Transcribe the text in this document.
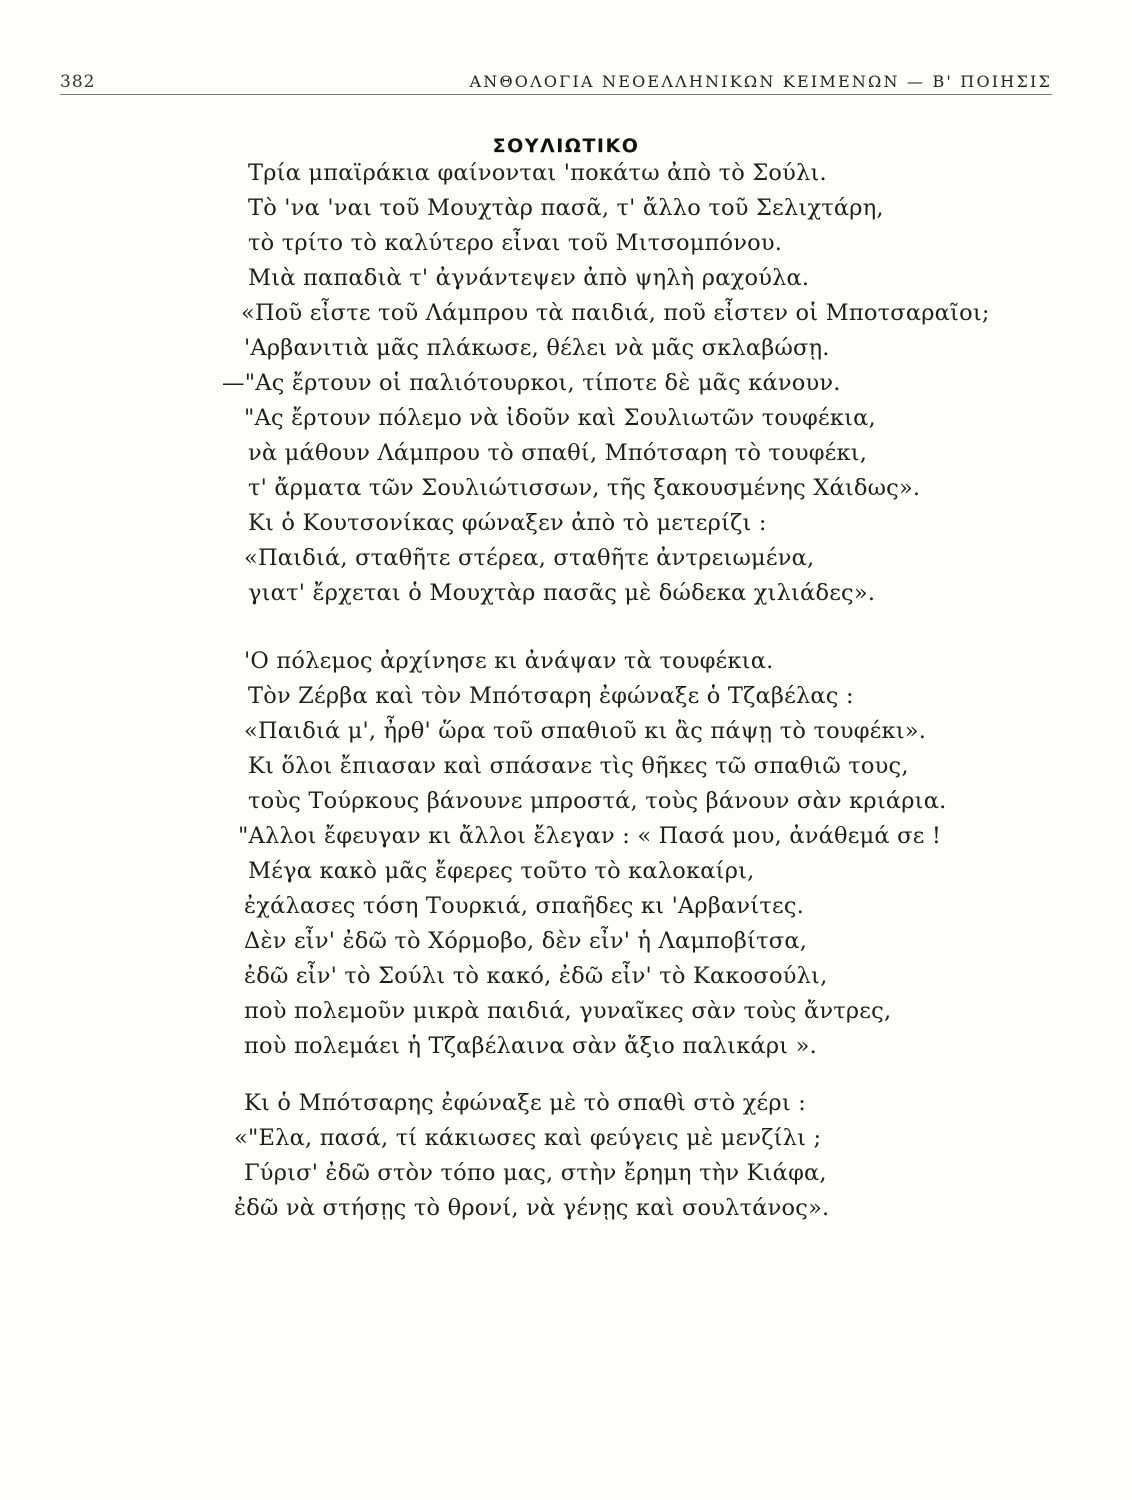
382	ΑΝΘΟΛΟΓΙΑ ΝΕΟΕΛΛΗΝΙΚΩΝ ΚΕΙΜΕΝΩΝ — Β' ΠΟΙΗΣΙΣ
ΣΟΥΛΙΩΤΙΚΟ
Τρία μπαϊράκια φαίνονται 'ποκάτω ἀπὸ τὸ Σούλι.
Τὸ 'να 'ναι τοῦ Μουχτὰρ πασᾶ, τ' ἄλλο τοῦ Σελιχτάρη,
τὸ τρίτο τὸ καλύτερο εἶναι τοῦ Μιτσομπόνου.
Μιὰ παπαδιὰ τ' ἀγνάντεψεν ἀπὸ ψηλὴ ραχούλα.
«Ποῦ εἶστε τοῦ Λάμπρου τὰ παιδιά, ποῦ εἶστεν οἱ Μποτσαραῖοι;
'Αρβανιτιὰ μᾶς πλάκωσε, θέλει νὰ μᾶς σκλαβώσῃ.
—"Ας ἔρτουν οἱ παλιότουρκοι, τίποτε δὲ μᾶς κάνουν.
"Ας ἔρτουν πόλεμο νὰ ἰδοῦν καὶ Σουλιωτῶν τουφέκια,
νὰ μάθουν Λάμπρου τὸ σπαθί, Μπότσαρη τὸ τουφέκι,
τ' ἄρματα τῶν Σουλιώτισσων, τῆς ξακουσμένης Χάιδως».
Κι ὁ Κουτσονίκας φώναξεν ἀπὸ τὸ μετερίζι :
«Παιδιά, σταθῆτε στέρεα, σταθῆτε ἀντρειωμένα,
γιατ' ἔρχεται ὁ Μουχτὰρ πασᾶς μὲ δώδεκα χιλιάδες».
'Ο πόλεμος ἀρχίνησε κι ἀνάψαν τὰ τουφέκια.
Τὸν Ζέρβα καὶ τὸν Μπότσαρη ἐφώναξε ὁ Τζαβέλας :
«Παιδιά μ', ἦρθ' ὥρα τοῦ σπαθιοῦ κι ἂς πάψῃ τὸ τουφέκι».
Κι ὅλοι ἔπιασαν καὶ σπάσανε τὶς θῆκες τῶ σπαθιῶ τους,
τοὺς Τούρκους βάνουνε μπροστά, τοὺς βάνουν σὰν κριάρια.
"Αλλοι ἔφευγαν κι ἄλλοι ἔλεγαν : « Πασά μου, ἀνάθεμά σε !
Μέγα κακὸ μᾶς ἔφερες τοῦτο τὸ καλοκαίρι,
ἐχάλασες τόση Τουρκιά, σπαῆδες κι 'Αρβανίτες.
Δὲν εἶν' ἐδῶ τὸ Χόρμοβο, δὲν εἶν' ἡ Λαμποβίτσα,
ἐδῶ εἶν' τὸ Σούλι τὸ κακό, ἐδῶ εἶν' τὸ Κακοσούλι,
ποὺ πολεμοῦν μικρὰ παιδιά, γυναῖκες σὰν τοὺς ἄντρες,
ποὺ πολεμάει ἡ Τζαβέλαινα σὰν ἄξιο παλικάρι ».
Κι ὁ Μπότσαρης ἐφώναξε μὲ τὸ σπαθὶ στὸ χέρι :
«"Ελα, πασά, τί κάκιωσες καὶ φεύγεις μὲ μενζίλι ;
Γύρισ' ἐδῶ στὸν τόπο μας, στὴν ἔρημη τὴν Κιάφα,
ἐδῶ νὰ στήσῃς τὸ θρονί, νὰ γένῃς καὶ σουλτάνος».
